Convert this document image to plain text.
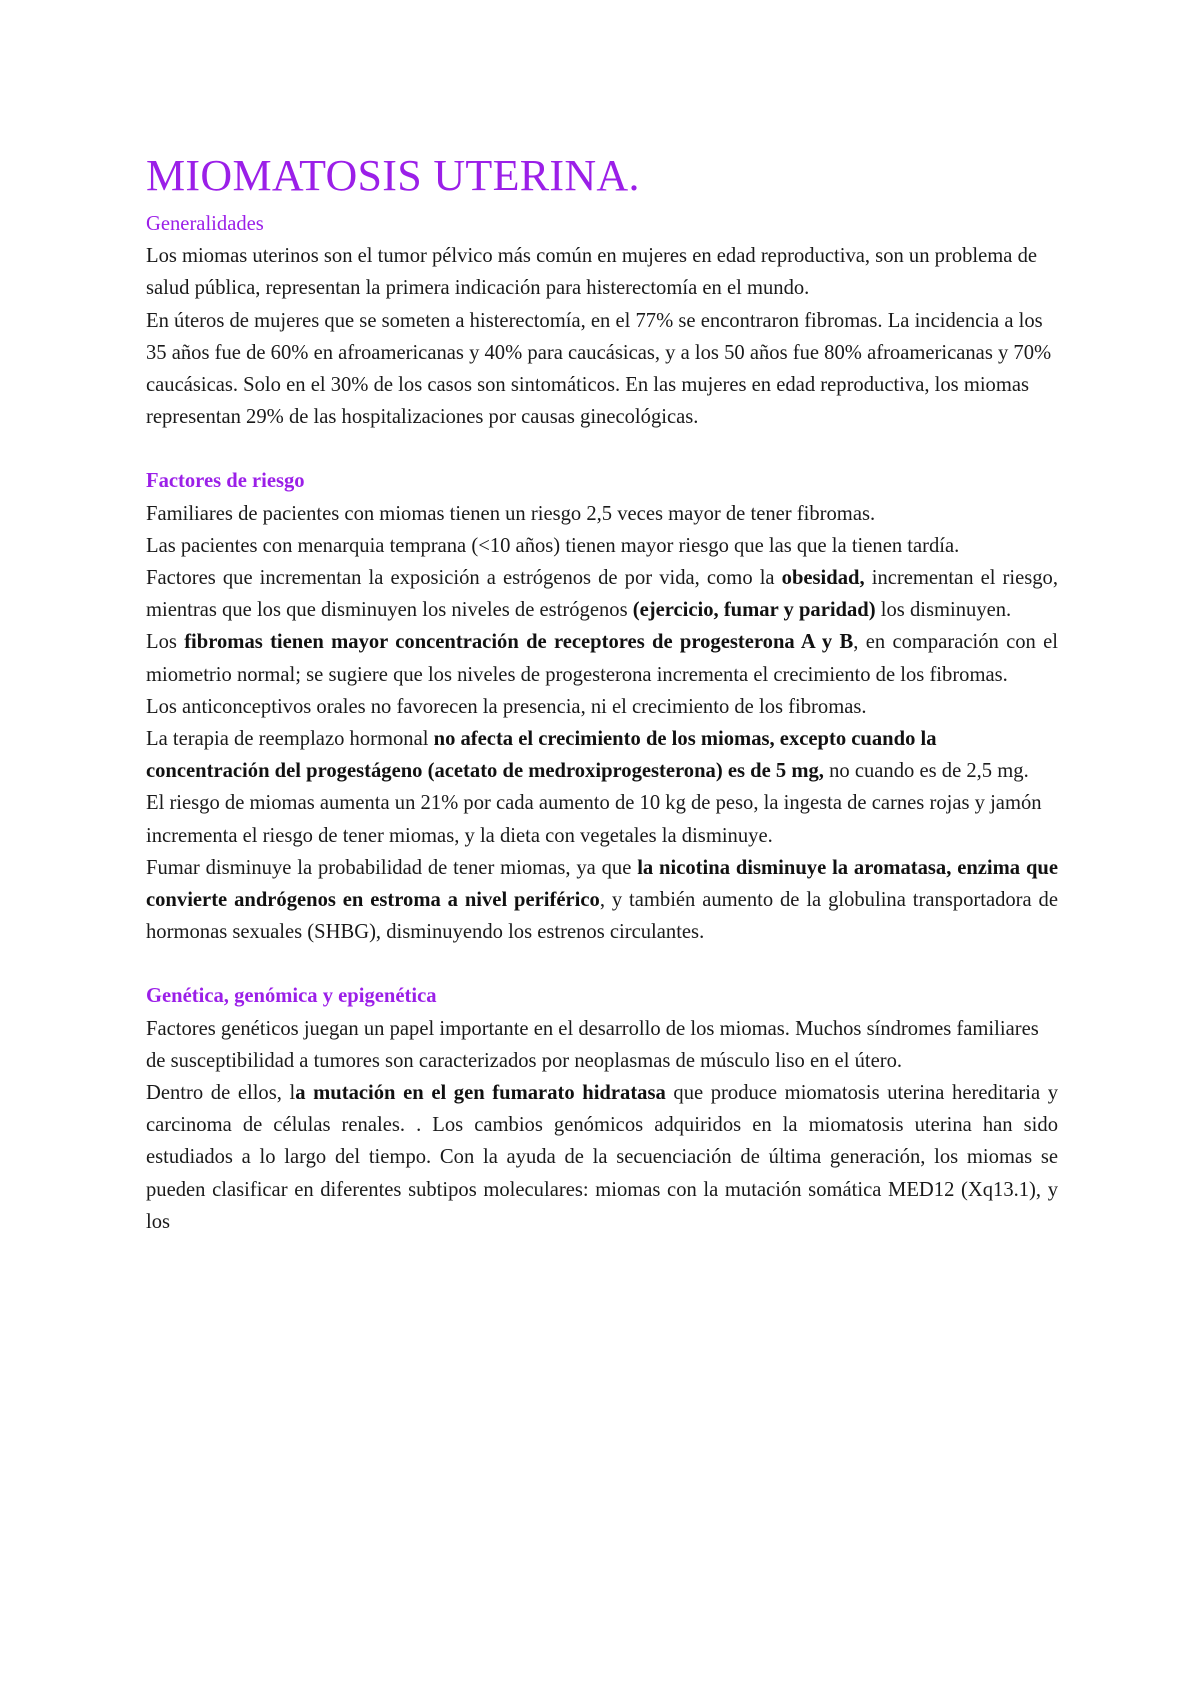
MIOMATOSIS UTERINA.
Generalidades

Los miomas uterinos son el tumor pélvico más común en mujeres en edad reproductiva, son un problema de salud pública, representan la primera indicación para histerectomía en el mundo.

En úteros de mujeres que se someten a histerectomía, en el 77% se encontraron fibromas. La incidencia a los 35 años fue de 60% en afroamericanas y 40% para caucásicas, y a los 50 años fue 80% afroamericanas y 70% caucásicas. Solo en el 30% de los casos son sintomáticos. En las mujeres en edad reproductiva, los miomas representan 29% de las hospitalizaciones por causas ginecológicas.

Factores de riesgo

Familiares de pacientes con miomas tienen un riesgo 2,5 veces mayor de tener fibromas.

Las pacientes con menarquia temprana (<10 años) tienen mayor riesgo que las que la tienen tardía.

Factores que incrementan la exposición a estrógenos de por vida, como la obesidad, incrementan el riesgo, mientras que los que disminuyen los niveles de estrógenos (ejercicio, fumar y paridad) los disminuyen.

Los fibromas tienen mayor concentración de receptores de progesterona A y B, en comparación con el miometrio normal; se sugiere que los niveles de progesterona incrementa el crecimiento de los fibromas.

Los anticonceptivos orales no favorecen la presencia, ni el crecimiento de los fibromas.

La terapia de reemplazo hormonal no afecta el crecimiento de los miomas, excepto cuando la concentración del progestágeno (acetato de medroxiprogesterona) es de 5 mg, no cuando es de 2,5 mg.

El riesgo de miomas aumenta un 21% por cada aumento de 10 kg de peso, la ingesta de carnes rojas y jamón incrementa el riesgo de tener miomas, y la dieta con vegetales la disminuye.

Fumar disminuye la probabilidad de tener miomas, ya que la nicotina disminuye la aromatasa, enzima que convierte andrógenos en estroma a nivel periférico, y también aumento de la globulina transportadora de hormonas sexuales (SHBG), disminuyendo los estrenos circulantes.

Genética, genómica y epigenética

Factores genéticos juegan un papel importante en el desarrollo de los miomas. Muchos síndromes familiares de susceptibilidad a tumores son caracterizados por neoplasmas de músculo liso en el útero.

Dentro de ellos, la mutación en el gen fumarato hidratasa que produce miomatosis uterina hereditaria y carcinoma de células renales. . Los cambios genómicos adquiridos en la miomatosis uterina han sido estudiados a lo largo del tiempo. Con la ayuda de la secuenciación de última generación, los miomas se pueden clasificar en diferentes subtipos moleculares: miomas con la mutación somática MED12 (Xq13.1), y los
